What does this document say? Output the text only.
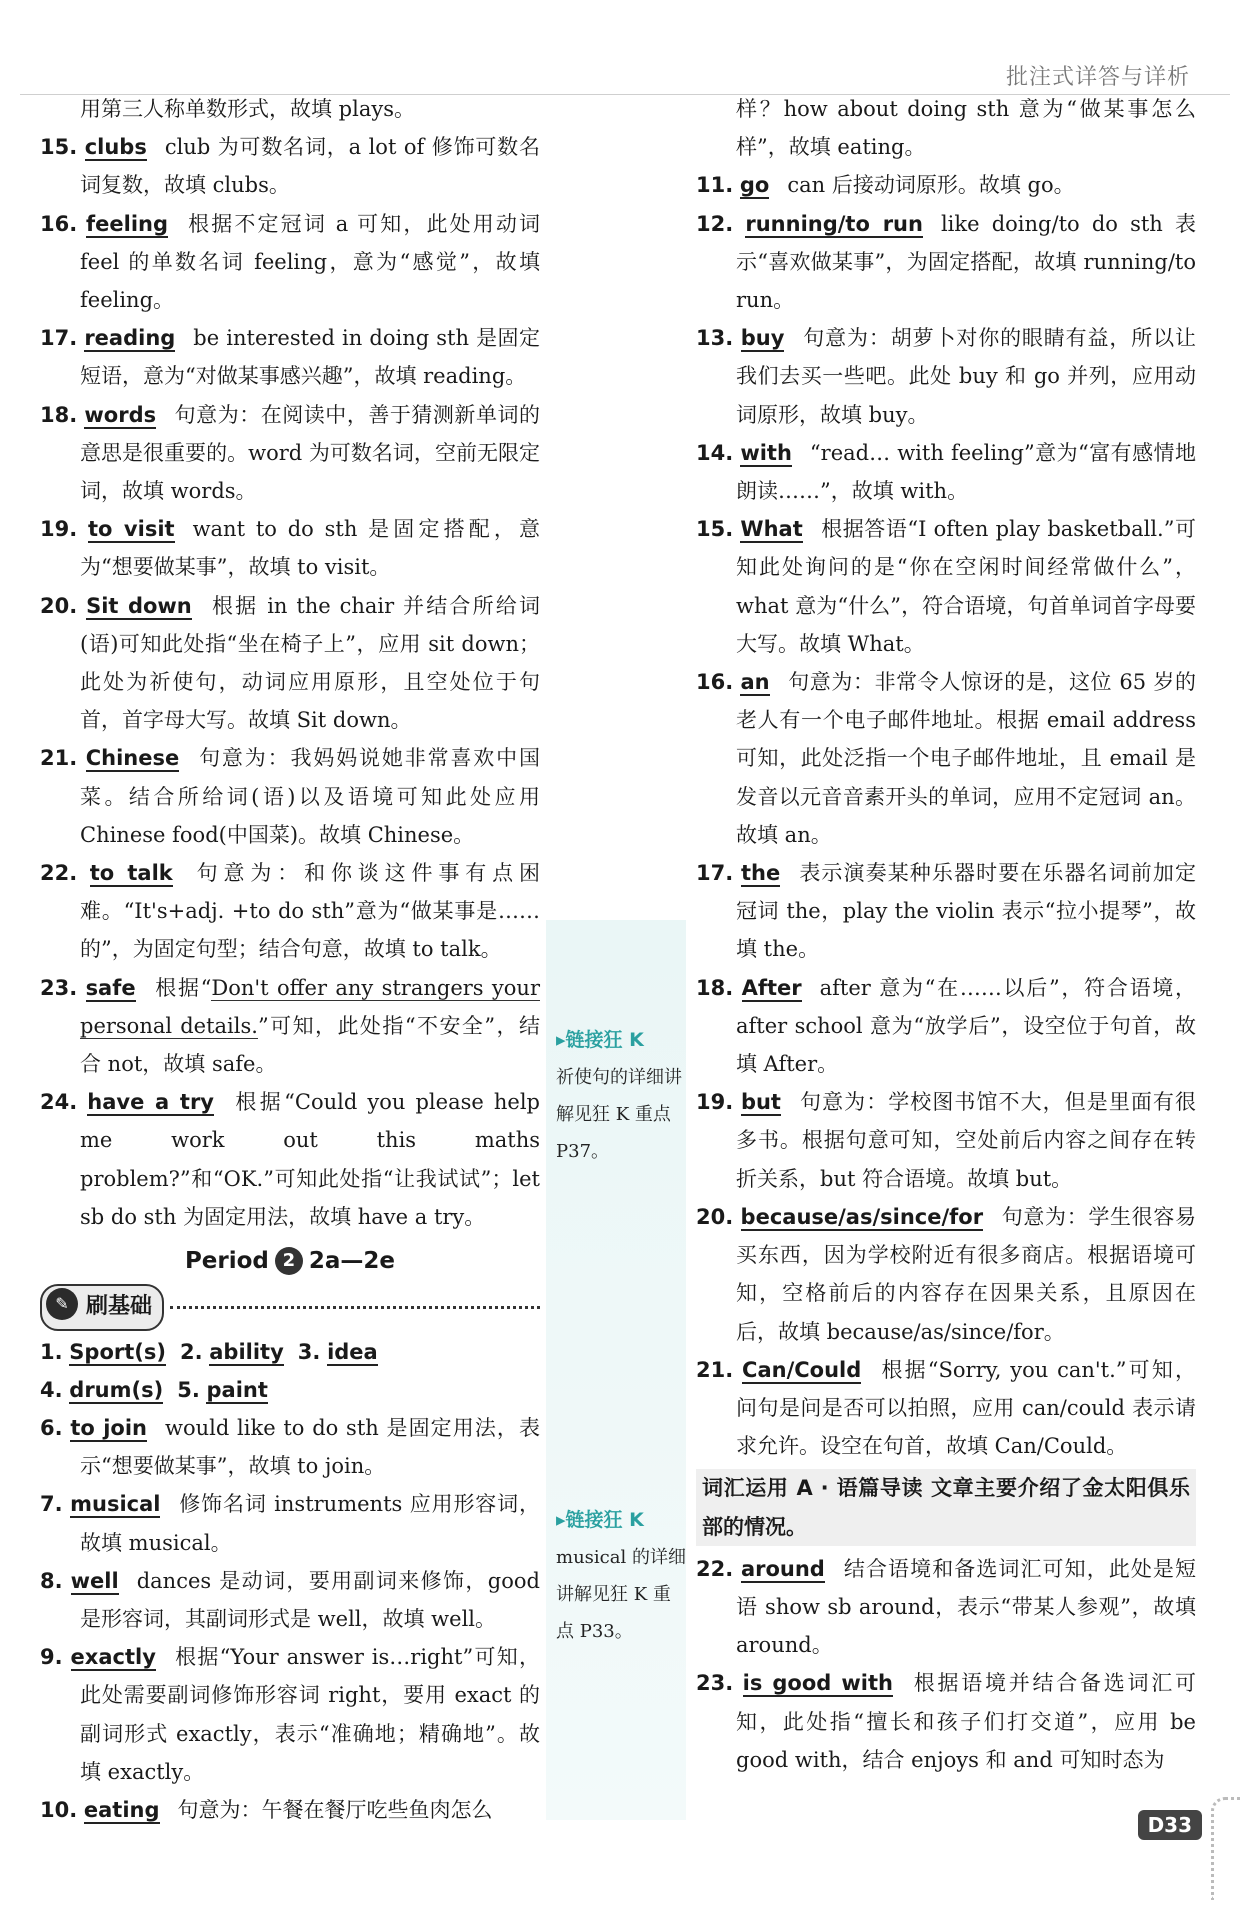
批注式详答与详析
用第三人称单数形式，故填 plays。
15. clubs club 为可数名词，a lot of 修饰可数名词复数，故填 clubs。
16. feeling 根据不定冠词 a 可知，此处用动词 feel 的单数名词 feeling，意为“感觉”，故填 feeling。
17. reading be interested in doing sth 是固定短语，意为“对做某事感兴趣”，故填 reading。
18. words 句意为：在阅读中，善于猜测新单词的意思是很重要的。word 为可数名词，空前无限定词，故填 words。
19. to visit want to do sth 是固定搭配，意为“想要做某事”，故填 to visit。
20. Sit down 根据 in the chair 并结合所给词(语)可知此处指“坐在椅子上”，应用 sit down；此处为祈使句，动词应用原形，且空处位于句首，首字母大写。故填 Sit down。
21. Chinese 句意为：我妈妈说她非常喜欢中国菜。结合所给词(语)以及语境可知此处应用 Chinese food(中国菜)。故填 Chinese。
22. to talk 句意为：和你谈这件事有点困难。“It's+adj. +to do sth”意为“做某事是……的”，为固定句型；结合句意，故填 to talk。
23. safe 根据“Don't offer any strangers your personal details.”可知，此处指“不安全”，结合 not，故填 safe。
24. have a try 根据“Could you please help me work out this maths problem?”和“OK.”可知此处指“让我试试”；let sb do sth 为固定用法，故填 have a try。
Period 2 2a—2e
✎ 刷基础
1. Sport(s) 2. ability 3. idea
4. drum(s) 5. paint
6. to join would like to do sth 是固定用法，表示“想要做某事”，故填 to join。
7. musical 修饰名词 instruments 应用形容词，故填 musical。
8. well dances 是动词，要用副词来修饰，good 是形容词，其副词形式是 well，故填 well。
9. exactly 根据“Your answer is…right”可知，此处需要副词修饰形容词 right，要用 exact 的副词形式 exactly，表示“准确地；精确地”。故填 exactly。
10. eating 句意为：午餐在餐厅吃些鱼肉怎么
▸链接狂 K
祈使句的详细讲解见狂 K 重点 P37。
▸链接狂 K
musical 的详细讲解见狂 K 重点 P33。
样？how about doing sth 意为“做某事怎么样”，故填 eating。
11. go can 后接动词原形。故填 go。
12. running/to run like doing/to do sth 表示“喜欢做某事”，为固定搭配，故填 running/to run。
13. buy 句意为：胡萝卜对你的眼睛有益，所以让我们去买一些吧。此处 buy 和 go 并列，应用动词原形，故填 buy。
14. with “read… with feeling”意为“富有感情地朗读……”，故填 with。
15. What 根据答语“I often play basketball.”可知此处询问的是“你在空闲时间经常做什么”，what 意为“什么”，符合语境，句首单词首字母要大写。故填 What。
16. an 句意为：非常令人惊讶的是，这位 65 岁的老人有一个电子邮件地址。根据 email address 可知，此处泛指一个电子邮件地址，且 email 是发音以元音音素开头的单词，应用不定冠词 an。故填 an。
17. the 表示演奏某种乐器时要在乐器名词前加定冠词 the，play the violin 表示“拉小提琴”，故填 the。
18. After after 意为“在……以后”，符合语境，after school 意为“放学后”，设空位于句首，故填 After。
19. but 句意为：学校图书馆不大，但是里面有很多书。根据句意可知，空处前后内容之间存在转折关系，but 符合语境。故填 but。
20. because/as/since/for 句意为：学生很容易买东西，因为学校附近有很多商店。根据语境可知，空格前后的内容存在因果关系，且原因在后，故填 because/as/since/for。
21. Can/Could 根据“Sorry, you can't.”可知，问句是问是否可以拍照，应用 can/could 表示请求允许。设空在句首，故填 Can/Could。
词汇运用 A · 语篇导读 文章主要介绍了金太阳俱乐部的情况。
22. around 结合语境和备选词汇可知，此处是短语 show sb around，表示“带某人参观”，故填 around。
23. is good with 根据语境并结合备选词汇可知，此处指“擅长和孩子们打交道”，应用 be good with，结合 enjoys 和 and 可知时态为
D33
